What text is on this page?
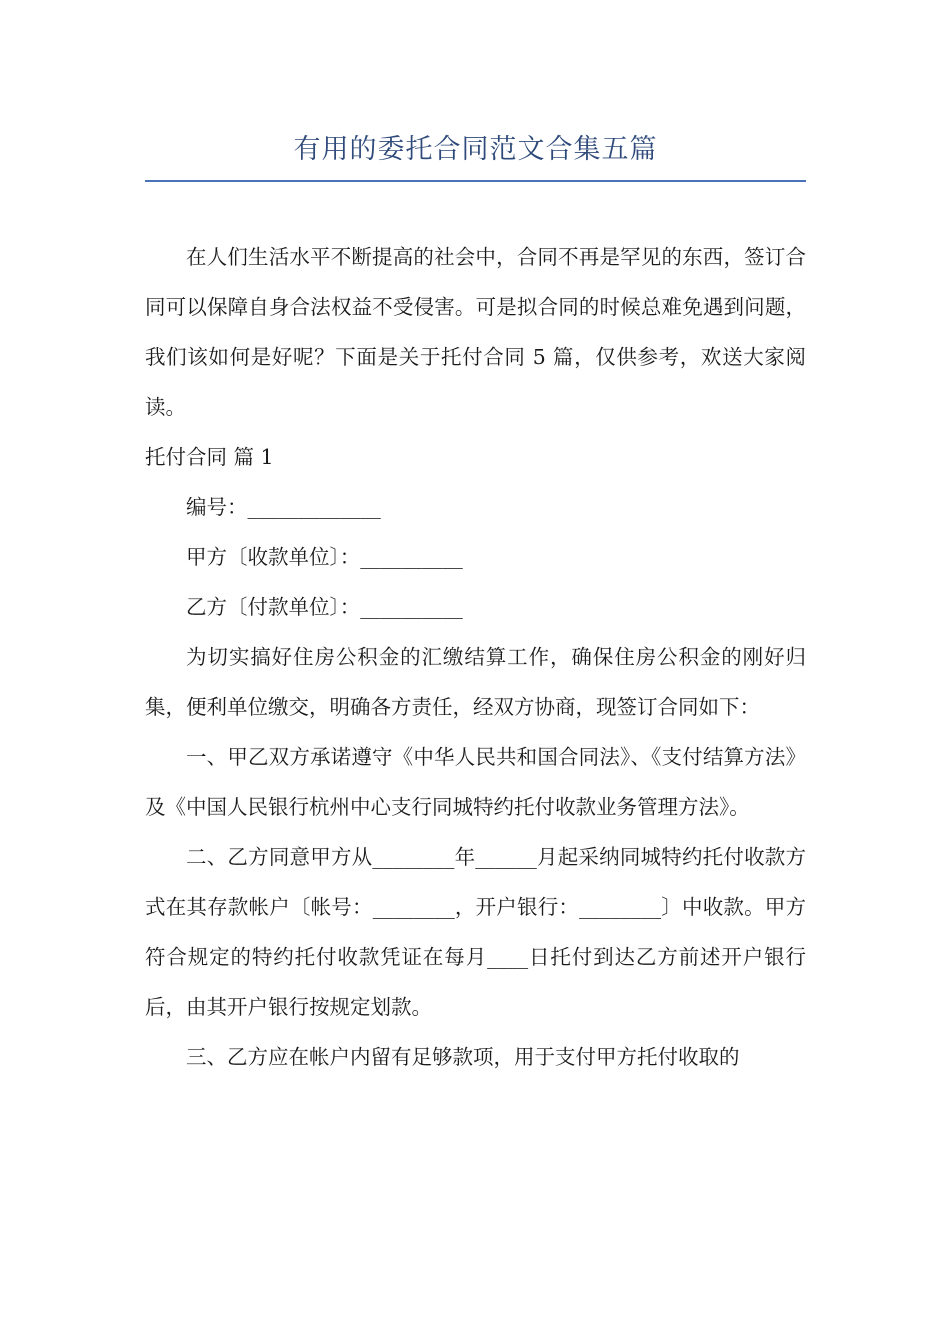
有用的委托合同范文合集五篇

在人们生活水平不断提高的社会中，合同不再是罕见的东西，签订合同可以保障自身合法权益不受侵害。可是拟合同的时候总难免遇到问题，我们该如何是好呢？下面是关于托付合同 5 篇，仅供参考，欢送大家阅读。

托付合同 篇 1

编号：_____________

甲方〔收款单位〕：__________

乙方〔付款单位〕：__________

为切实搞好住房公积金的汇缴结算工作，确保住房公积金的刚好归集，便利单位缴交，明确各方责任，经双方协商，现签订合同如下：

一、甲乙双方承诺遵守《中华人民共和国合同法》、《支付结算方法》及《中国人民银行杭州中心支行同城特约托付收款业务管理方法》。

二、乙方同意甲方从________年______月起采纳同城特约托付收款方式在其存款帐户〔帐号：________，开户银行：________〕中收款。甲方符合规定的特约托付收款凭证在每月____日托付到达乙方前述开户银行后，由其开户银行按规定划款。

三、乙方应在帐户内留有足够款项，用于支付甲方托付收取的
